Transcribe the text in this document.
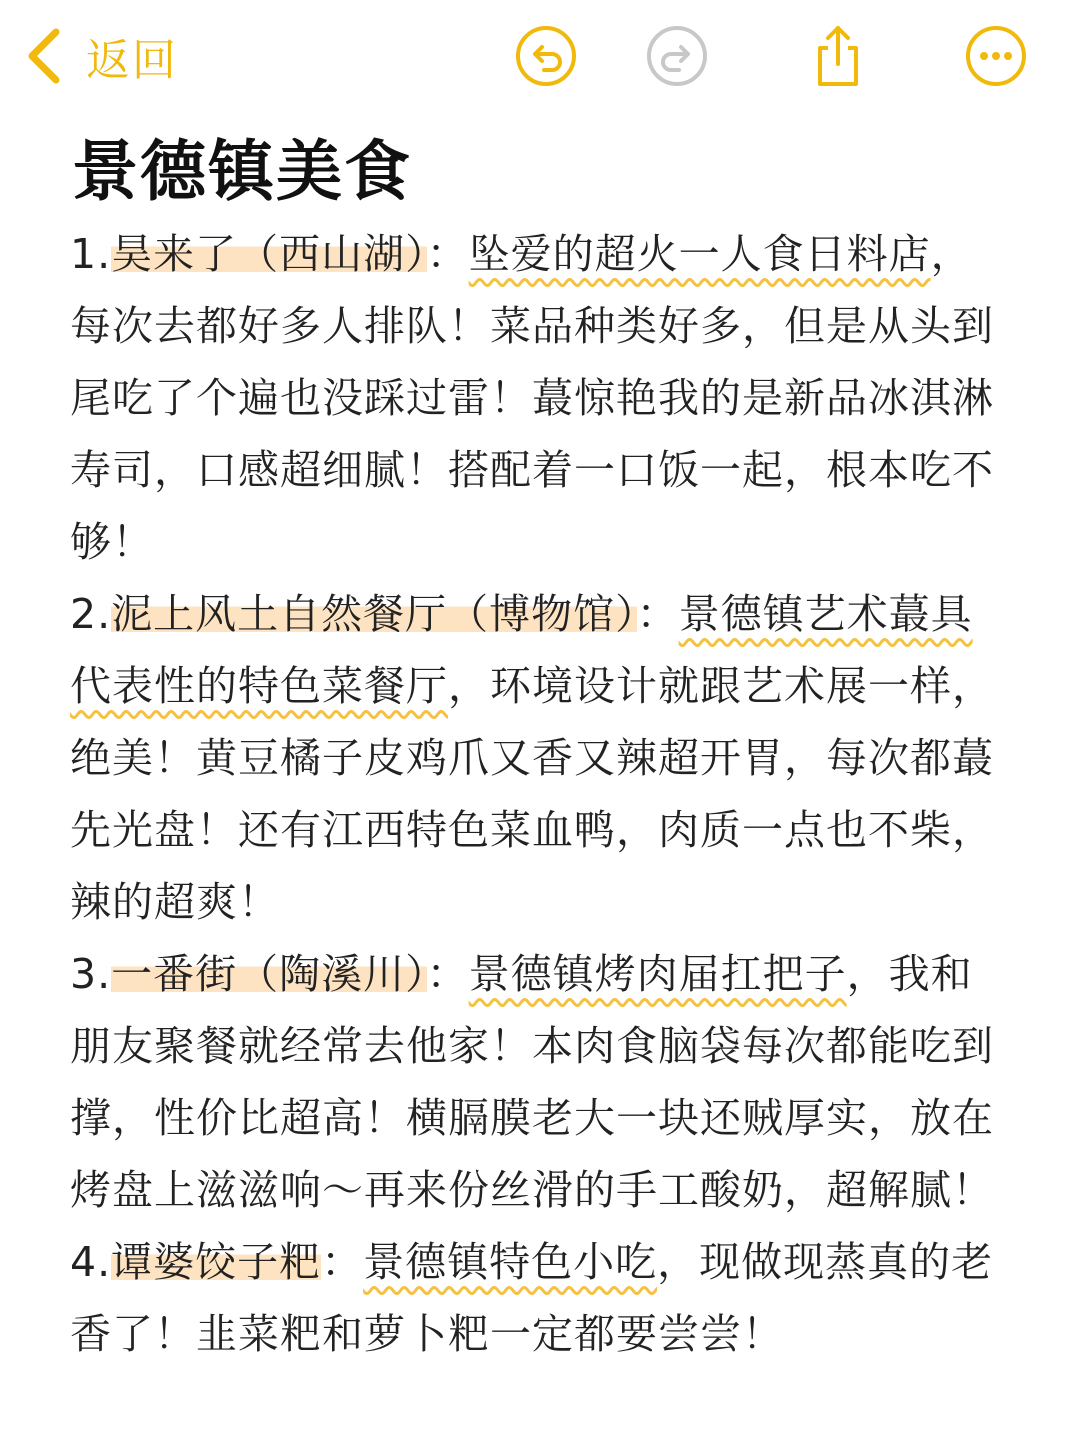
返回
景德镇美食

1.昊来了（西山湖）：坠爱的超火一人食日料店，每次去都好多人排队！菜品种类好多，但是从头到尾吃了个遍也没踩过雷！蕞惊艳我的是新品冰淇淋寿司，口感超细腻！搭配着一口饭一起，根本吃不够！

2.泥上风土自然餐厅（博物馆）：景德镇艺术蕞具代表性的特色菜餐厅，环境设计就跟艺术展一样，绝美！黄豆橘子皮鸡爪又香又辣超开胃，每次都蕞先光盘！还有江西特色菜血鸭，肉质一点也不柴，辣的超爽！

3.一番街（陶溪川）：景德镇烤肉届扛把子，我和朋友聚餐就经常去他家！本肉食脑袋每次都能吃到撑，性价比超高！横膈膜老大一块还贼厚实，放在烤盘上滋滋响～再来份丝滑的手工酸奶，超解腻！

4.谭婆饺子粑：景德镇特色小吃，现做现蒸真的老香了！韭菜粑和萝卜粑一定都要尝尝！
